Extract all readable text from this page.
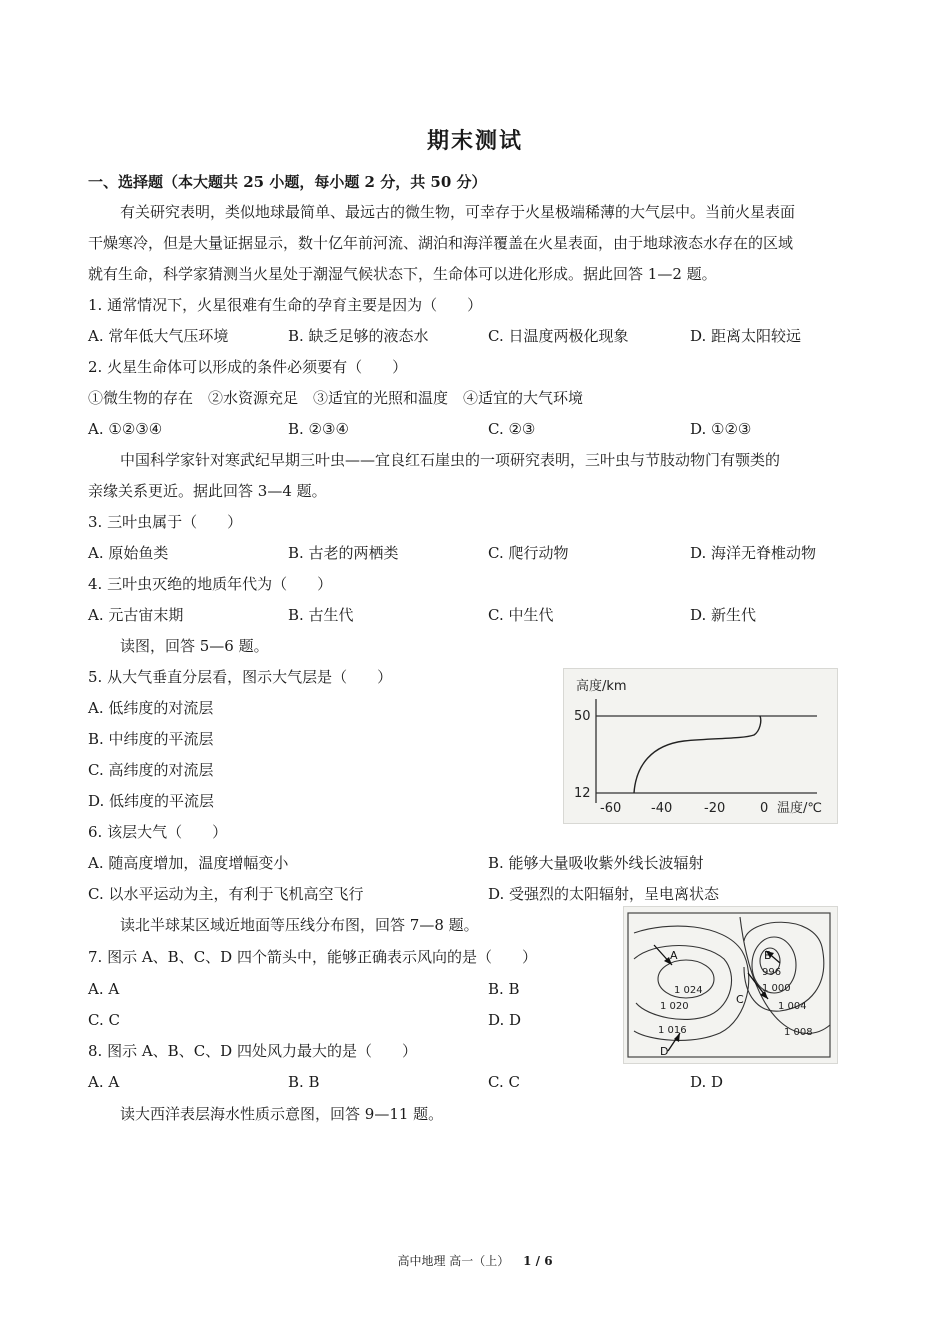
期末测试
一、选择题（本大题共 25 小题，每小题 2 分，共 50 分）
有关研究表明，类似地球最简单、最远古的微生物，可幸存于火星极端稀薄的大气层中。当前火星表面
干燥寒冷，但是大量证据显示，数十亿年前河流、湖泊和海洋覆盖在火星表面，由于地球液态水存在的区域
就有生命，科学家猜测当火星处于潮湿气候状态下，生命体可以进化形成。据此回答 1—2 题。
1. 通常情况下，火星很难有生命的孕育主要是因为（　　）
A. 常年低大气压环境	B. 缺乏足够的液态水	C. 日温度两极化现象	D. 距离太阳较远
2. 火星生命体可以形成的条件必须要有（　　）
①微生物的存在　②水资源充足　③适宜的光照和温度　④适宜的大气环境
A. ①②③④	B. ②③④	C. ②③	D. ①②③
中国科学家针对寒武纪早期三叶虫——宜良红石崖虫的一项研究表明，三叶虫与节肢动物门有颚类的
亲缘关系更近。据此回答 3—4 题。
3. 三叶虫属于（　　）
A. 原始鱼类	B. 古老的两栖类	C. 爬行动物	D. 海洋无脊椎动物
4. 三叶虫灭绝的地质年代为（　　）
A. 元古宙末期	B. 古生代	C. 中生代	D. 新生代
读图，回答 5—6 题。
5. 从大气垂直分层看，图示大气层是（　　）
A. 低纬度的对流层
B. 中纬度的平流层
C. 高纬度的对流层
D. 低纬度的平流层
6. 该层大气（　　）
A. 随高度增加，温度增幅变小	B. 能够大量吸收紫外线长波辐射
C. 以水平运动为主，有利于飞机高空飞行	D. 受强烈的太阳辐射，呈电离状态
读北半球某区域近地面等压线分布图，回答 7—8 题。
7. 图示 A、B、C、D 四个箭头中，能够正确表示风向的是（　　）
A. A	B. B
C. C	D. D
8. 图示 A、B、C、D 四处风力最大的是（　　）
A. A	B. B	C. C	D. D
读大西洋表层海水性质示意图，回答 9—11 题。
高度/km
50
12
-60 -40 -20	0 温度/℃
A	B
C
D
1 024
1 020
1 016
996
1 000
1 004
1 008
高中地理 高一（上） 1 / 6
